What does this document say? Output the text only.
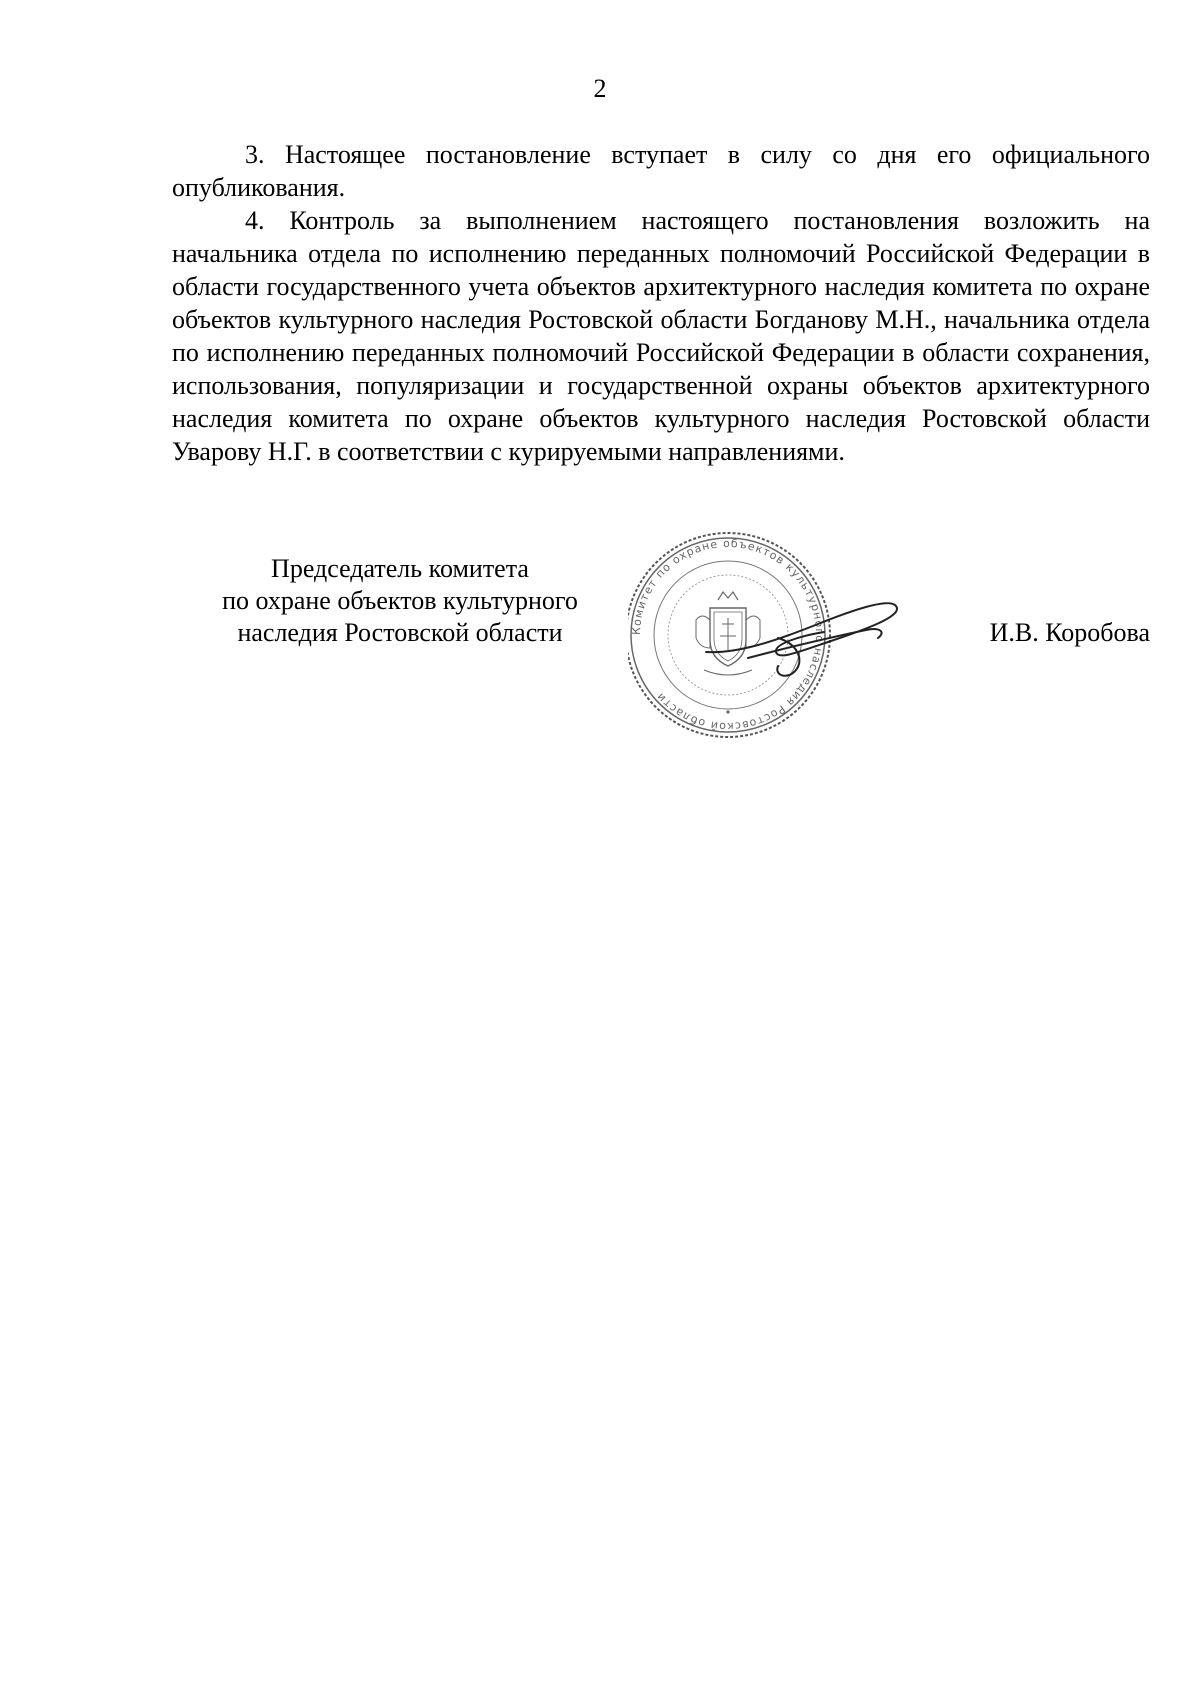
2

3. Настоящее постановление вступает в силу со дня его официального опубликования.

4. Контроль за выполнением настоящего постановления возложить на начальника отдела по исполнению переданных полномочий Российской Федерации в области государственного учета объектов архитектурного наследия комитета по охране объектов культурного наследия Ростовской области Богданову М.Н., начальника отдела по исполнению переданных полномочий Российской Федерации в области сохранения, использования, популяризации и государственной охраны объектов архитектурного наследия комитета по охране объектов культурного наследия Ростовской области Уварову Н.Г. в соответствии с курируемыми направлениями.

Председатель комитета
по охране объектов культурного
наследия Ростовской области	Комитет по охране объектов культурного наследия Ростовской области
И.В. Коробова
